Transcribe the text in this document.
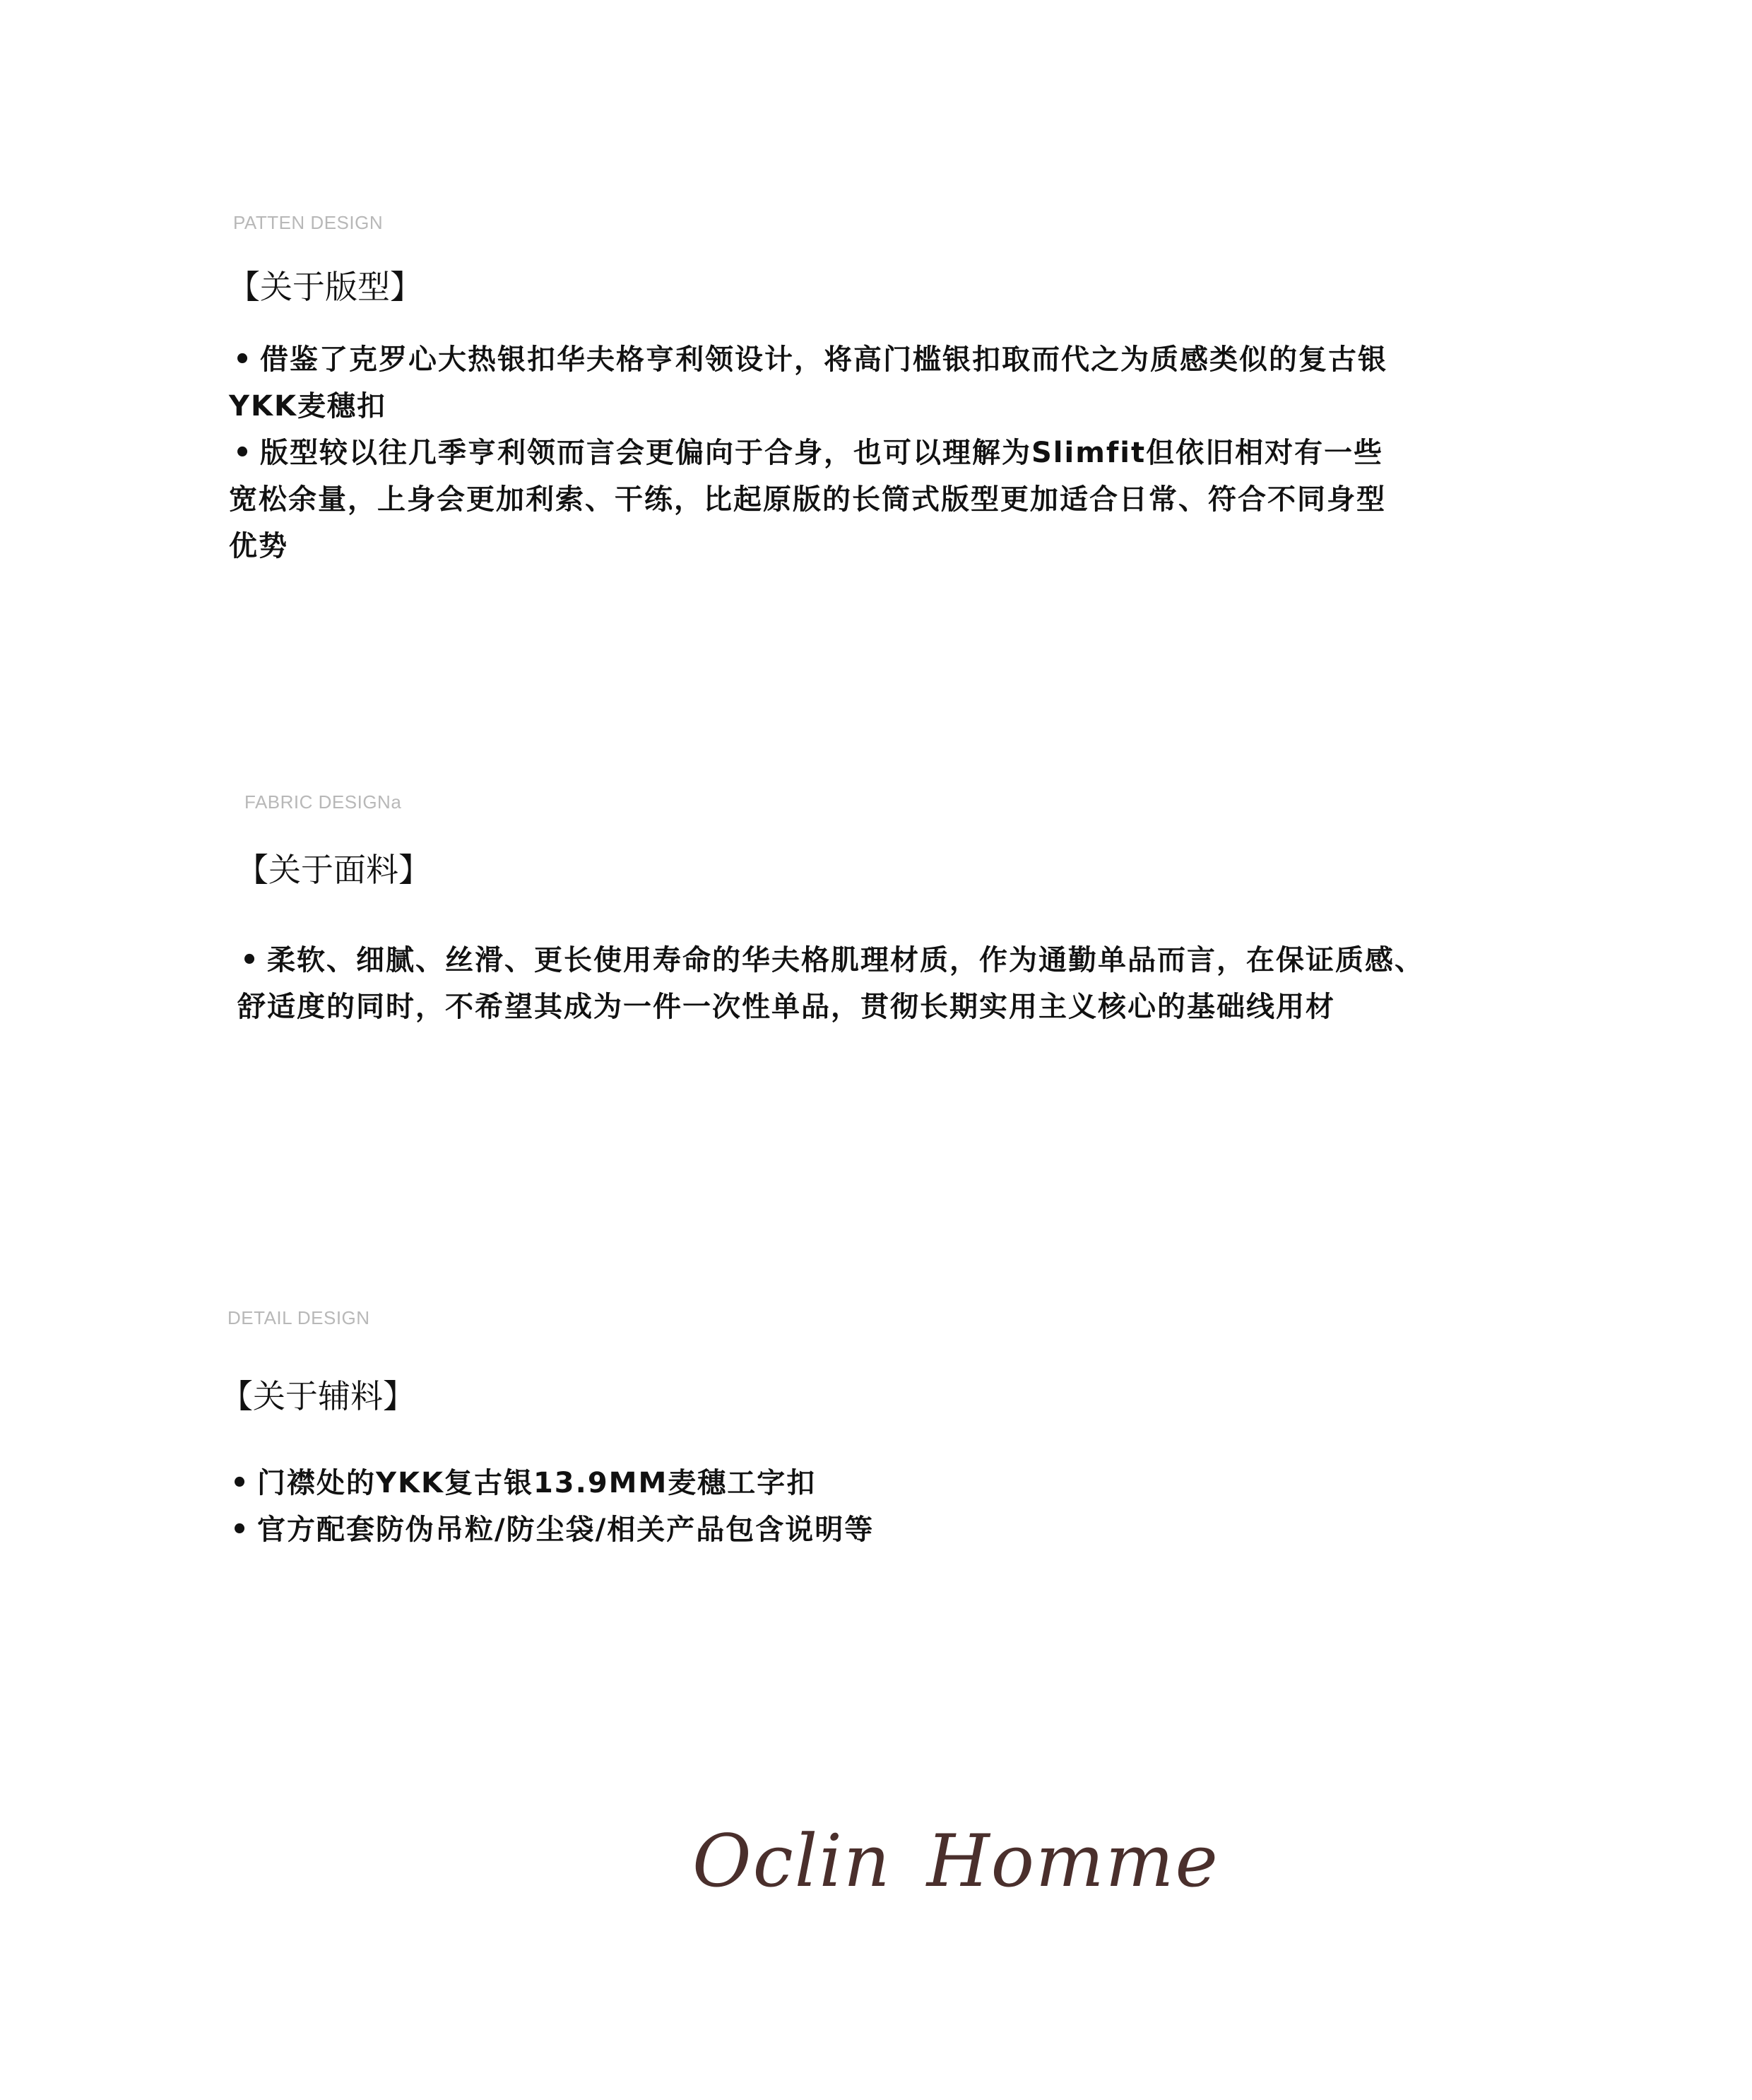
PATTEN DESIGN
【关于版型】
• 借鉴了克罗心大热银扣华夫格亨利领设计，将高门槛银扣取而代之为质感类似的复古银
YKK麦穗扣
• 版型较以往几季亨利领而言会更偏向于合身，也可以理解为Slimfit但依旧相对有一些
宽松余量，上身会更加利索、干练，比起原版的长筒式版型更加适合日常、符合不同身型
优势
FABRIC DESIGNa
【关于面料】
• 柔软、细腻、丝滑、更长使用寿命的华夫格肌理材质，作为通勤单品而言，在保证质感、
舒适度的同时，不希望其成为一件一次性单品，贯彻长期实用主义核心的基础线用材
DETAIL DESIGN
【关于辅料】
• 门襟处的YKK复古银13.9MM麦穗工字扣
• 官方配套防伪吊粒/防尘袋/相关产品包含说明等
Oclin Homme
